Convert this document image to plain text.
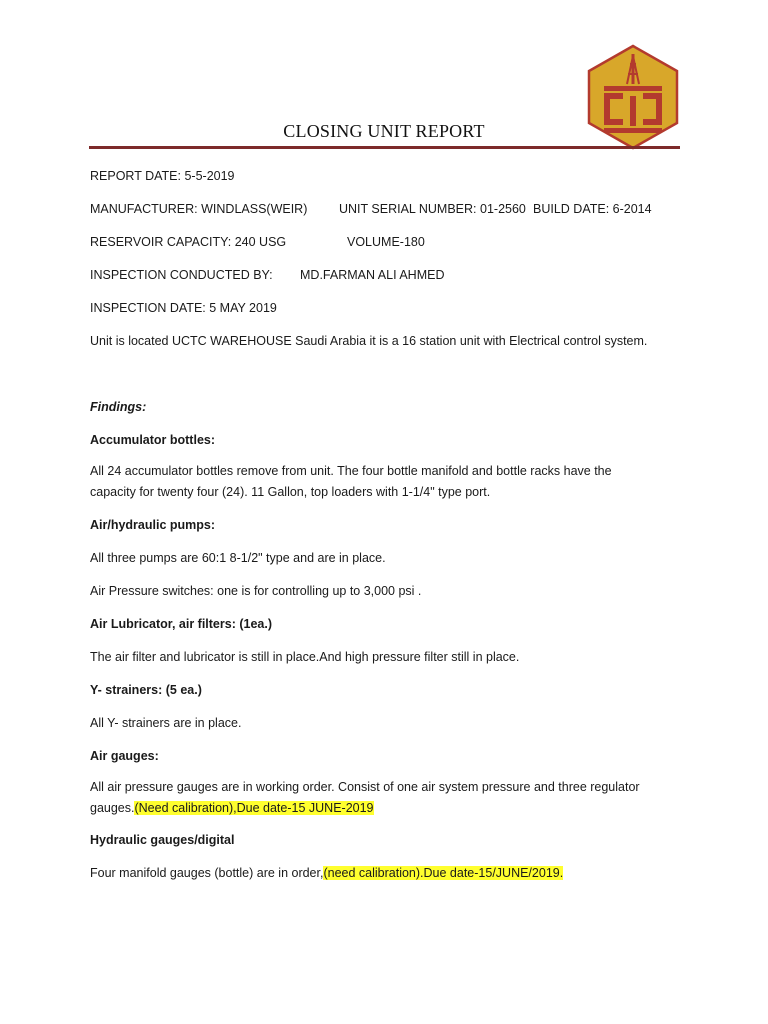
CLOSING UNIT REPORT

REPORT DATE: 5-5-2019

MANUFACTURER: WINDLASS(WEIR)	UNIT SERIAL NUMBER: 01-2560 BUILD DATE: 6-2014

RESERVOIR CAPACITY: 240 USG	VOLUME-180

INSPECTION CONDUCTED BY: MD.FARMAN ALI AHMED

INSPECTION DATE: 5 MAY 2019

Unit is located UCTC WAREHOUSE Saudi Arabia it is a 16 station unit with Electrical control system.

Findings:

Accumulator bottles:

All 24 accumulator bottles remove from unit. The four bottle manifold and bottle racks have the capacity for twenty four (24). 11 Gallon, top loaders with 1-1/4" type port.

Air/hydraulic pumps:

All three pumps are 60:1 8-1/2" type and are in place.

Air Pressure switches: one is for controlling up to 3,000 psi .

Air Lubricator, air filters: (1ea.)

The air filter and lubricator is still in place.And high pressure filter still in place.

Y- strainers: (5 ea.)

All Y- strainers are in place.

Air gauges:

All air pressure gauges are in working order. Consist of one air system pressure and three regulator gauges.(Need calibration),Due date-15 JUNE-2019

Hydraulic gauges/digital

Four manifold gauges (bottle) are in order,(need calibration).Due date-15/JUNE/2019.
